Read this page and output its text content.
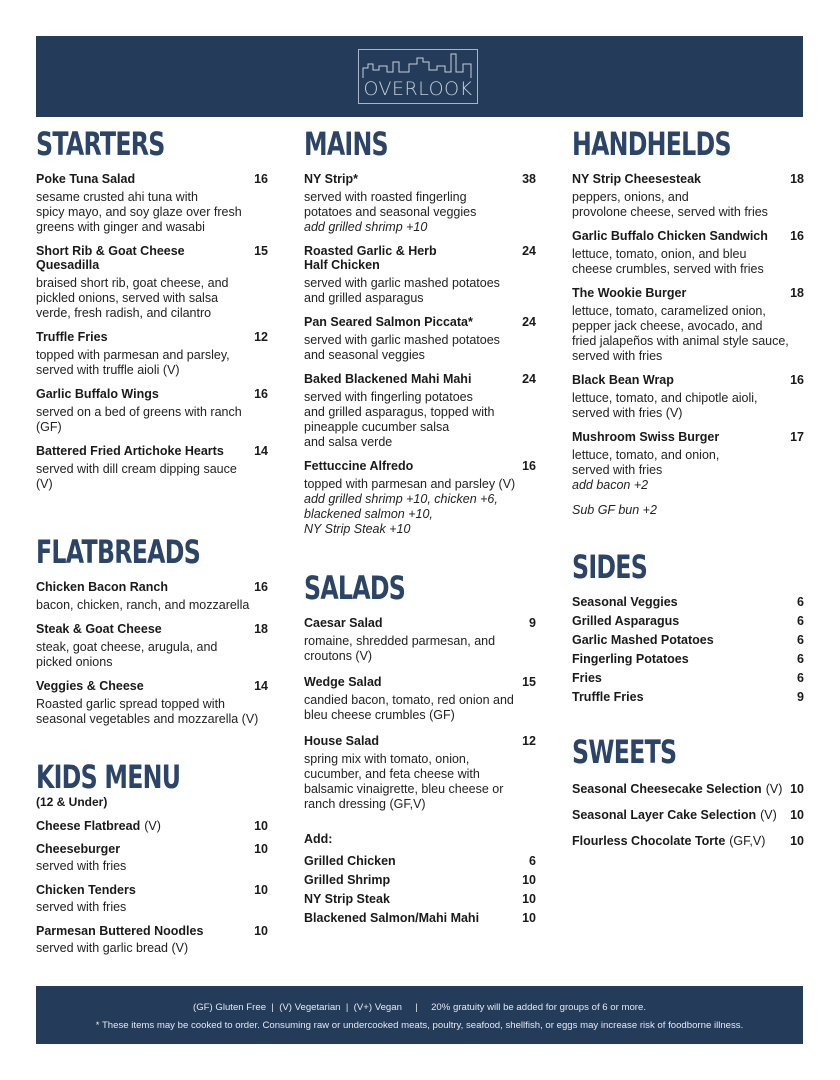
OVERLOOK
STARTERS
Poke Tuna Salad	16
sesame crusted ahi tuna with
spicy mayo, and soy glaze over fresh
greens with ginger and wasabi
Short Rib & Goat Cheese	15
Quesadilla
braised short rib, goat cheese, and
pickled onions, served with salsa
verde, fresh radish, and cilantro
Truffle Fries	12
topped with parmesan and parsley,
served with truffle aioli (V)
Garlic Buffalo Wings	16
served on a bed of greens with ranch
(GF)
Battered Fried Artichoke Hearts 14
served with dill cream dipping sauce
(V)
FLATBREADS
Chicken Bacon Ranch	16
bacon, chicken, ranch, and mozzarella
Steak & Goat Cheese	18
steak, goat cheese, arugula, and
picked onions
Veggies & Cheese	14
Roasted garlic spread topped with
seasonal vegetables and mozzarella (V)
KIDS MENU
(12 & Under)
Cheese Flatbread (V)	10
Cheeseburger	10
served with fries
Chicken Tenders	10
served with fries
Parmesan Buttered Noodles	10
served with garlic bread (V)
MAINS
NY Strip*	38
served with roasted fingerling
potatoes and seasonal veggies
add grilled shrimp +10
Roasted Garlic & Herb	24
Half Chicken
served with garlic mashed potatoes
and grilled asparagus
Pan Seared Salmon Piccata*	24
served with garlic mashed potatoes
and seasonal veggies
Baked Blackened Mahi Mahi	24
served with fingerling potatoes
and grilled asparagus, topped with
pineapple cucumber salsa
and salsa verde
Fettuccine Alfredo	16
topped with parmesan and parsley (V)
add grilled shrimp +10, chicken +6,
blackened salmon +10,
NY Strip Steak +10
SALADS
Caesar Salad	9
romaine, shredded parmesan, and
croutons (V)
Wedge Salad	15
candied bacon, tomato, red onion and
bleu cheese crumbles (GF)
House Salad	12
spring mix with tomato, onion,
cucumber, and feta cheese with
balsamic vinaigrette, bleu cheese or
ranch dressing (GF,V)
Add:
Grilled Chicken	6
Grilled Shrimp	10
NY Strip Steak	10
Blackened Salmon/Mahi Mahi	10
HANDHELDS
NY Strip Cheesesteak	18
peppers, onions, and
provolone cheese, served with fries
Garlic Buffalo Chicken Sandwich 16
lettuce, tomato, onion, and bleu
cheese crumbles, served with fries
The Wookie Burger	18
lettuce, tomato, caramelized onion,
pepper jack cheese, avocado, and
fried jalapeños with animal style sauce,
served with fries
Black Bean Wrap	16
lettuce, tomato, and chipotle aioli,
served with fries (V)
Mushroom Swiss Burger	17
lettuce, tomato, and onion,
served with fries
add bacon +2
Sub GF bun +2
SIDES
Seasonal Veggies	6
Grilled Asparagus	6
Garlic Mashed Potatoes	6
Fingerling Potatoes	6
Fries	6
Truffle Fries	9
SWEETS
Seasonal Cheesecake Selection (V) 10
Seasonal Layer Cake Selection (V) 10
Flourless Chocolate Torte (GF,V) 10
(GF) Gluten Free  |  (V) Vegetarian  |  (V+) Vegan     |     20% gratuity will be added for groups of 6 or more.
* These items may be cooked to order. Consuming raw or undercooked meats, poultry, seafood, shellfish, or eggs may increase risk of foodborne illness.
